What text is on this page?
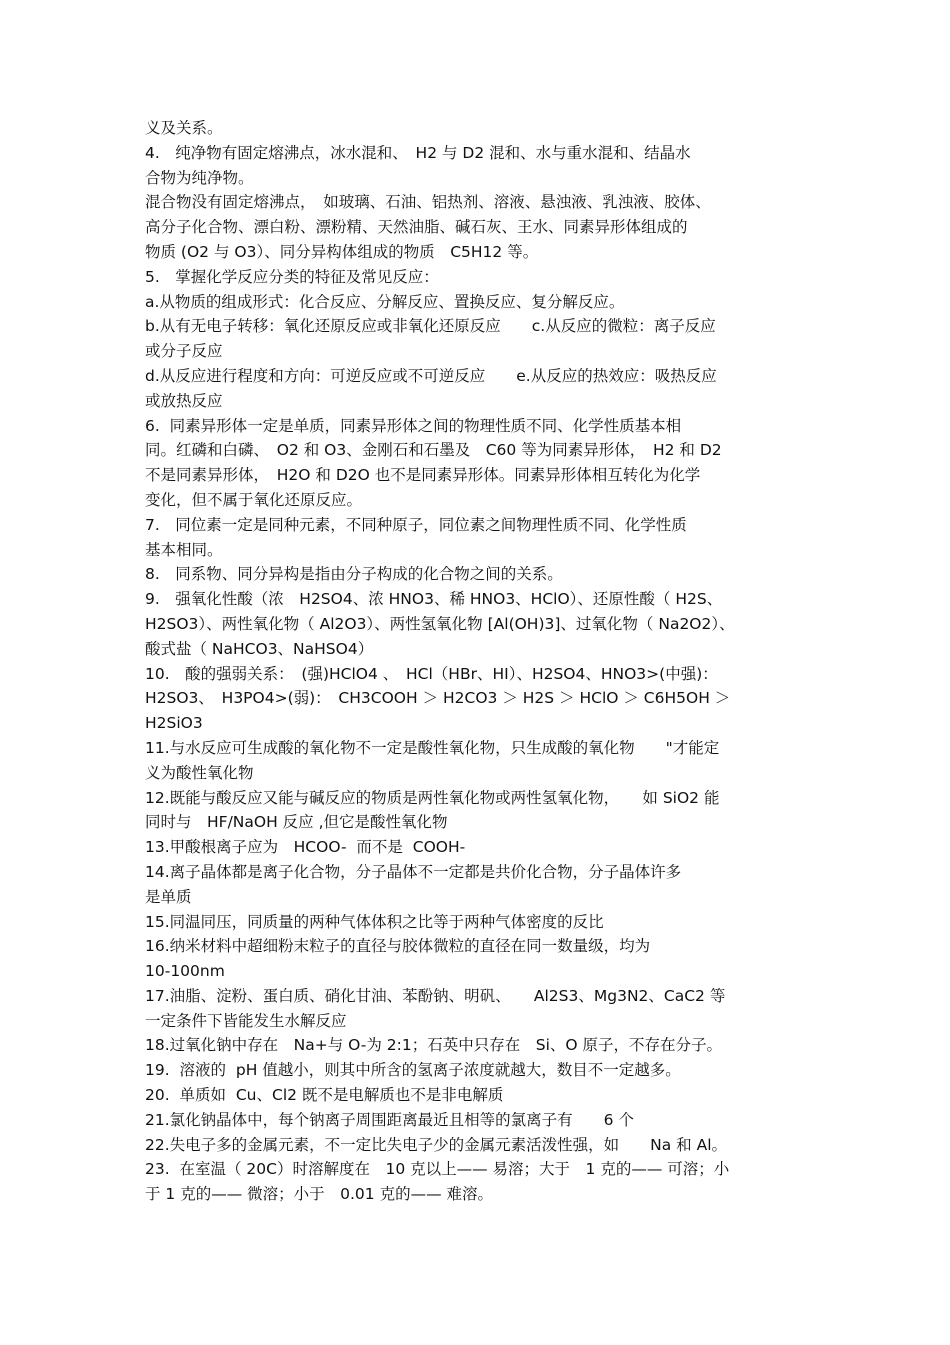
义及关系。
4.　纯净物有固定熔沸点，冰水混和、　H2 与 D2 混和、水与重水混和、结晶水
合物为纯净物。
混合物没有固定熔沸点，　如玻璃、石油、铝热剂、溶液、悬浊液、乳浊液、胶体、
高分子化合物、漂白粉、漂粉精、天然油脂、碱石灰、王水、同素异形体组成的
物质 (O2 与 O3）、同分异构体组成的物质　C5H12 等。
5.　掌握化学反应分类的特征及常见反应：
a.从物质的组成形式：化合反应、分解反应、置换反应、复分解反应。
b.从有无电子转移：氧化还原反应或非氧化还原反应　　c.从反应的微粒：离子反应
或分子反应
d.从反应进行程度和方向：可逆反应或不可逆反应　　e.从反应的热效应：吸热反应
或放热反应
6.  同素异形体一定是单质，同素异形体之间的物理性质不同、化学性质基本相
同。红磷和白磷、　O2 和 O3、金刚石和石墨及　C60 等为同素异形体，　H2 和 D2
不是同素异形体，　H2O 和 D2O 也不是同素异形体。同素异形体相互转化为化学
变化，但不属于氧化还原反应。
7.　同位素一定是同种元素，不同种原子，同位素之间物理性质不同、化学性质
基本相同。
8.　同系物、同分异构是指由分子构成的化合物之间的关系。
9.　强氧化性酸（浓　H2SO4、浓 HNO3、稀 HNO3、HClO）、还原性酸（ H2S、
H2SO3）、两性氧化物（ Al2O3）、两性氢氧化物 [Al(OH)3]、过氧化物（ Na2O2）、
酸式盐（ NaHCO3、NaHSO4）
10.　酸的强弱关系：　(强)HClO4 、　HCl（HBr、HI）、H2SO4、HNO3>(中强)：
H2SO3、　H3PO4>(弱)：　CH3COOH ＞ H2CO3 ＞ H2S ＞ HClO ＞ C6H5OH ＞
H2SiO3
11.与水反应可生成酸的氧化物不一定是酸性氧化物，只生成酸的氧化物　　"才能定
义为酸性氧化物
12.既能与酸反应又能与碱反应的物质是两性氧化物或两性氢氧化物，　　如 SiO2 能
同时与　HF/NaOH 反应 ,但它是酸性氧化物
13.甲酸根离子应为　HCOO-  而不是  COOH-
14.离子晶体都是离子化合物，分子晶体不一定都是共价化合物，分子晶体许多
是单质
15.同温同压，同质量的两种气体体积之比等于两种气体密度的反比
16.纳米材料中超细粉末粒子的直径与胶体微粒的直径在同一数量级，均为
10-100nm
17.油脂、淀粉、蛋白质、硝化甘油、苯酚钠、明矾、　　Al2S3、Mg3N2、CaC2 等
一定条件下皆能发生水解反应
18.过氧化钠中存在　Na+与 O-为 2:1；石英中只存在　Si、O 原子，不存在分子。
19.  溶液的  pH 值越小，则其中所含的氢离子浓度就越大，数目不一定越多。
20.  单质如  Cu、Cl2 既不是电解质也不是非电解质
21.氯化钠晶体中，每个钠离子周围距离最近且相等的氯离子有　　6 个
22.失电子多的金属元素，不一定比失电子少的金属元素活泼性强，如　　Na 和 Al。
23.  在室温（ 20C）时溶解度在　10 克以上—— 易溶；大于　1 克的—— 可溶；小
于 1 克的—— 微溶；小于　0.01 克的—— 难溶。
